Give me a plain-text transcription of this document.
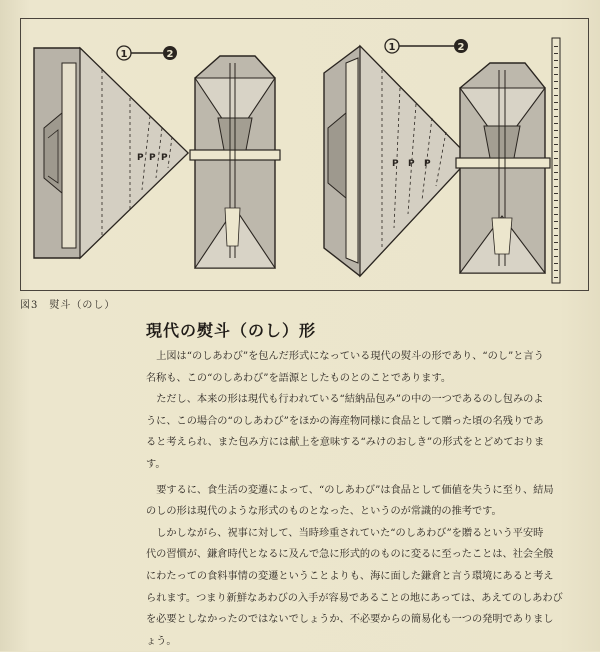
1	2
P P P
1	2
P P P
図3　熨斗（のし）
現代の熨斗（のし）形

上図は“のしあわび”を包んだ形式になっている現代の熨斗の形であり、“のし”と言う

名称も、この“のしあわび”を語源としたものとのことであります。

ただし、本来の形は現代も行われている“結納品包み”の中の一つであるのし包みのよ

うに、この場合の“のしあわび”をほかの海産物同様に食品として贈った頃の名残りであ

ると考えられ、また包み方には献上を意味する“みけのおしき”の形式をとどめておりま

す。

要するに、食生活の変遷によって、“のしあわび”は食品として価値を失うに至り、結局

のしの形は現代のような形式のものとなった、というのが常識的の推考です。

しかしながら、祝事に対して、当時珍重されていた“のしあわび”を贈るという平安時

代の習慣が、鎌倉時代となるに及んで急に形式的のものに変るに至ったことは、社会全般

にわたっての食料事情の変遷ということよりも、海に面した鎌倉と言う環境にあると考え

られます。つまり新鮮なあわびの入手が容易であることの地にあっては、あえてのしあわび

を必要としなかったのではないでしょうか、不必要からの簡易化も一つの発明でありまし

ょう。
